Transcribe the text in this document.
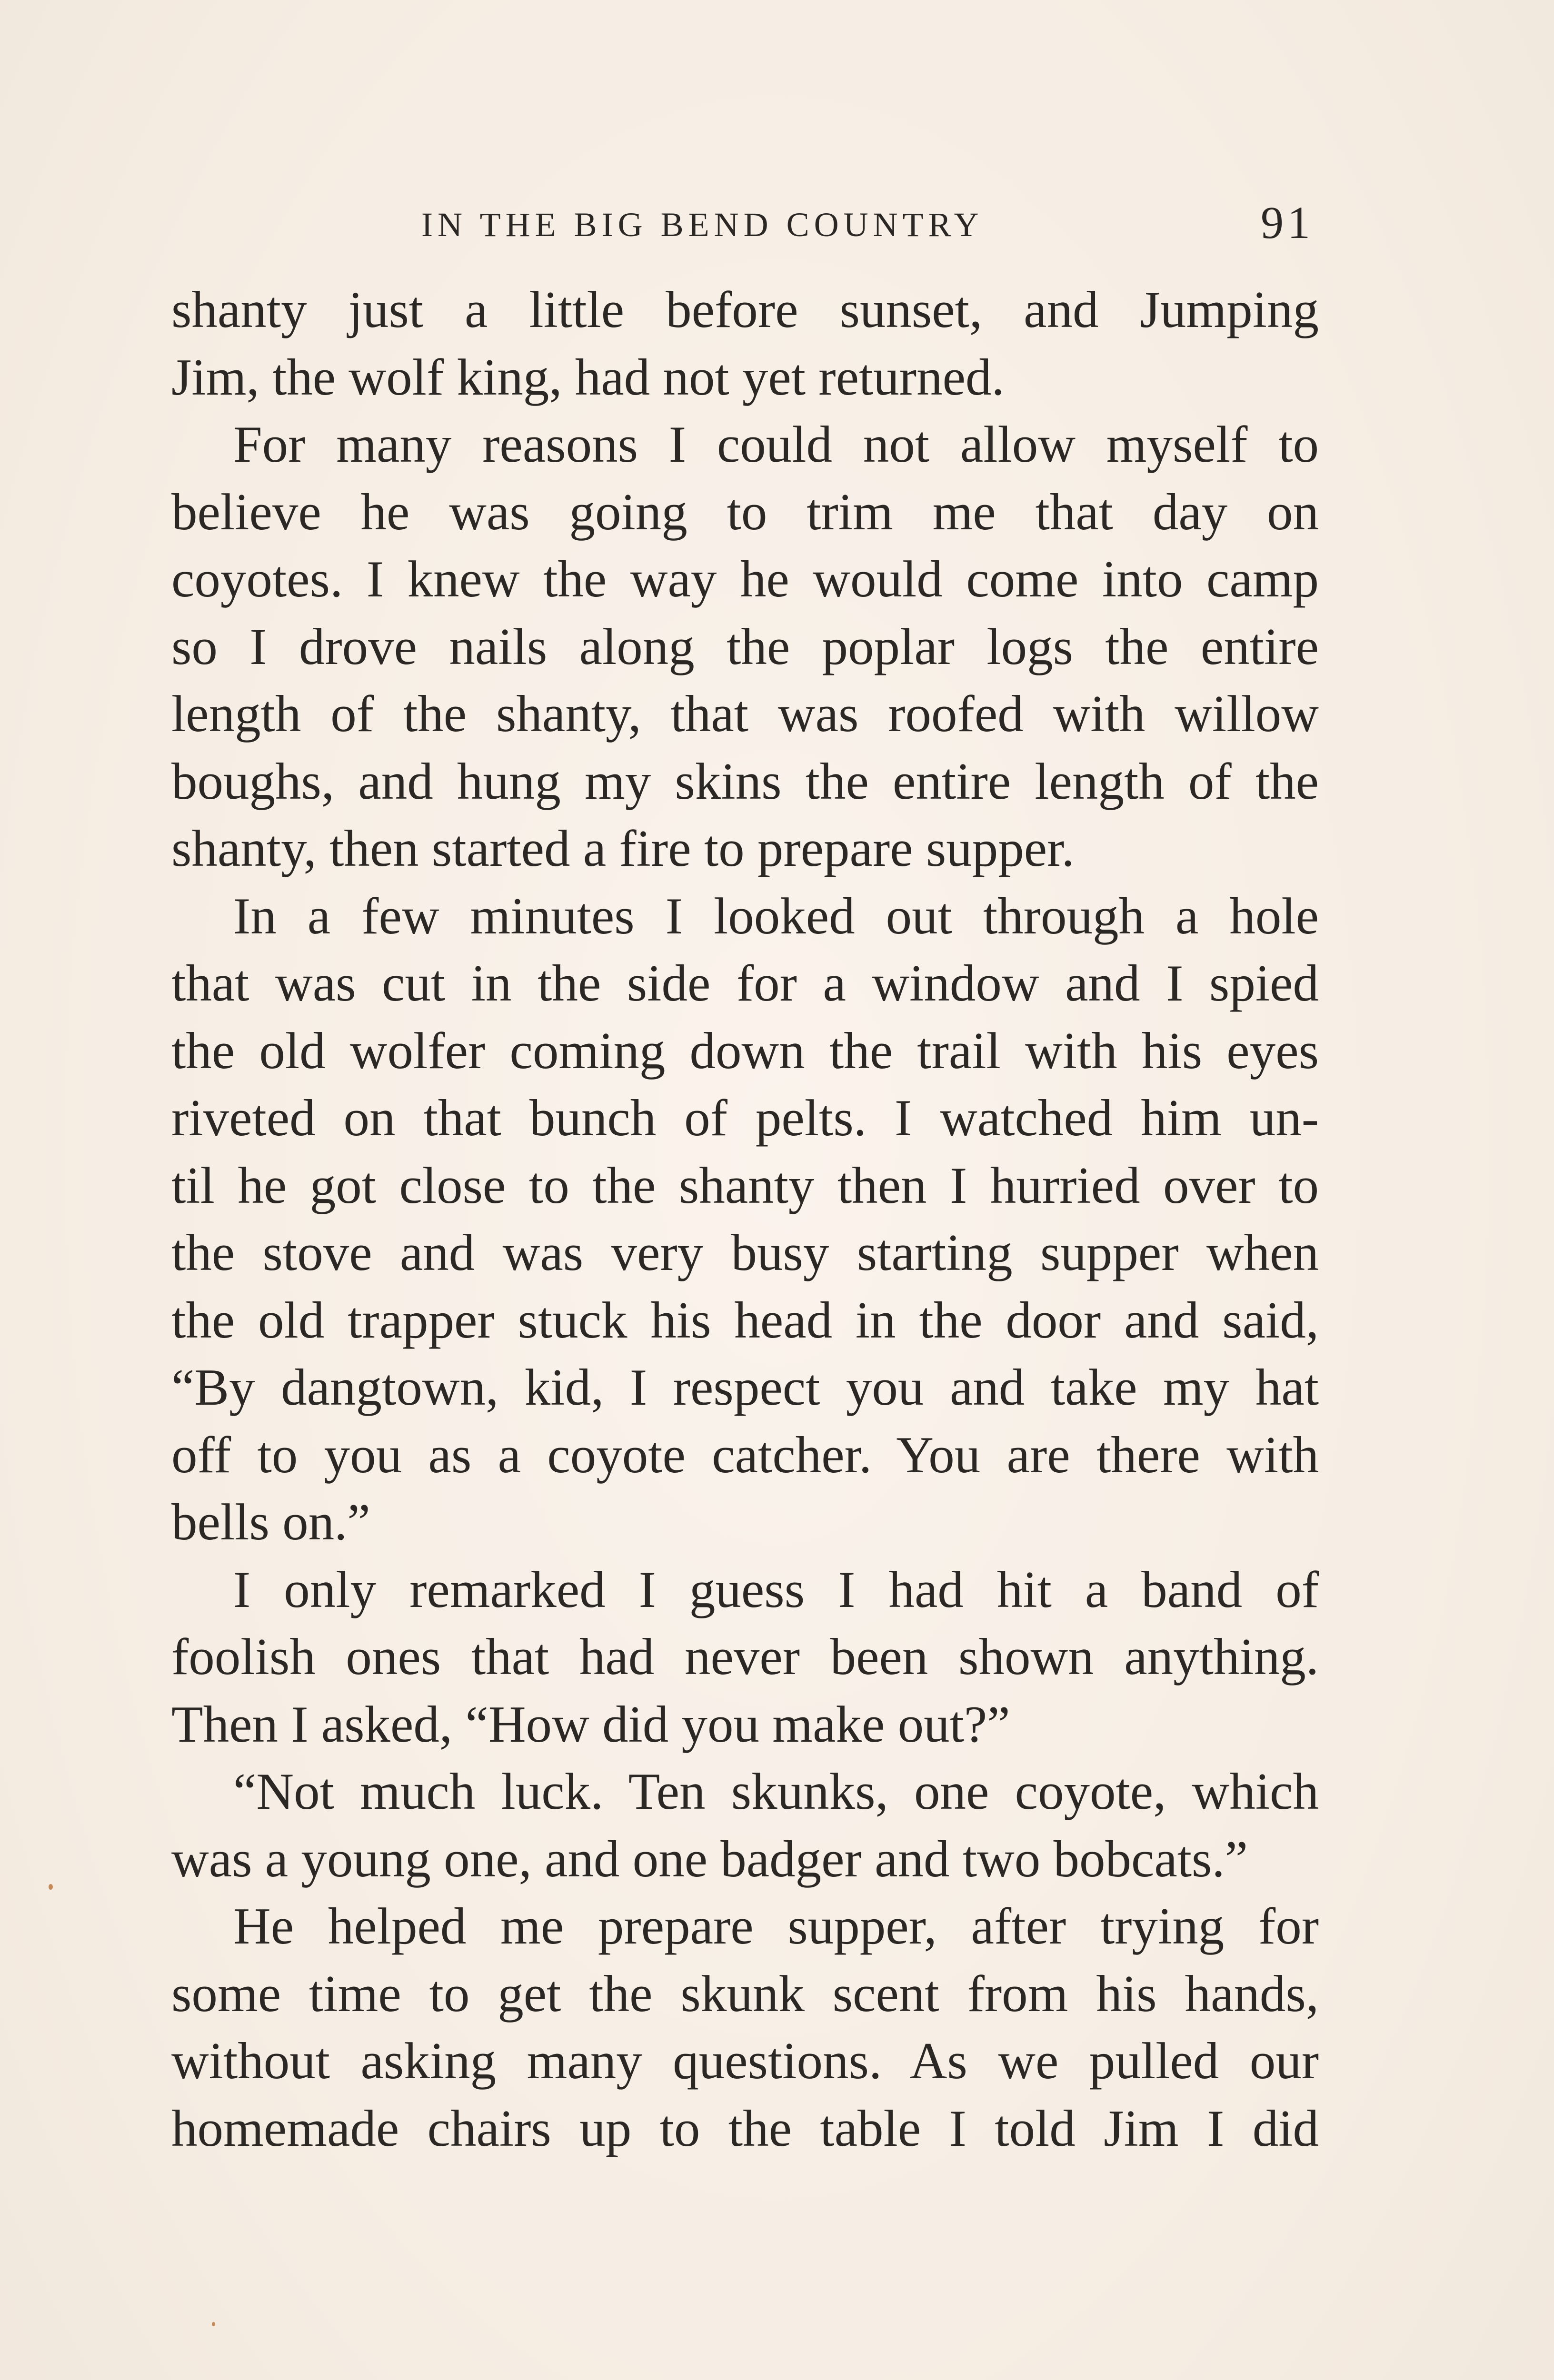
IN THE BIG BEND COUNTRY	91
shanty just a little before sunset, and Jumping
Jim, the wolf king, had not yet returned.
For many reasons I could not allow myself to
believe he was going to trim me that day on
coyotes. I knew the way he would come into camp
so I drove nails along the poplar logs the entire
length of the shanty, that was roofed with willow
boughs, and hung my skins the entire length of the
shanty, then started a fire to prepare supper.
In a few minutes I looked out through a hole
that was cut in the side for a window and I spied
the old wolfer coming down the trail with his eyes
riveted on that bunch of pelts. I watched him un-
til he got close to the shanty then I hurried over to
the stove and was very busy starting supper when
the old trapper stuck his head in the door and said,
“By dangtown, kid, I respect you and take my hat
off to you as a coyote catcher. You are there with
bells on.”
I only remarked I guess I had hit a band of
foolish ones that had never been shown anything.
Then I asked, “How did you make out?”
“Not much luck. Ten skunks, one coyote, which
was a young one, and one badger and two bobcats.”
He helped me prepare supper, after trying for
some time to get the skunk scent from his hands,
without asking many questions. As we pulled our
homemade chairs up to the table I told Jim I did
